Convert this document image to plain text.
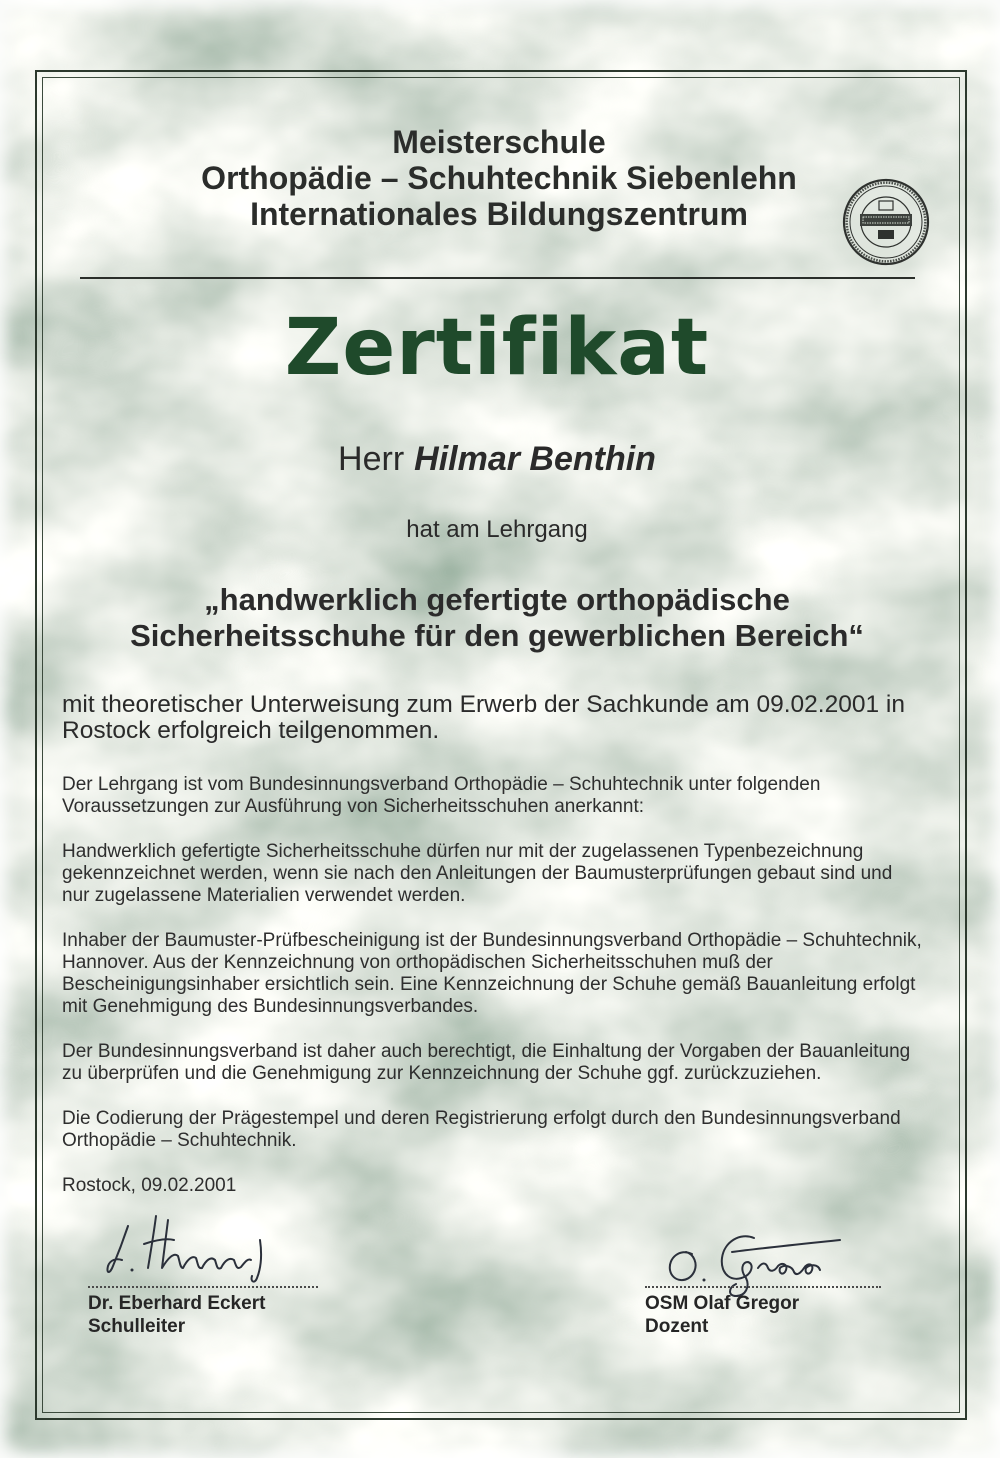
Meisterschule
Orthopädie – Schuhtechnik Siebenlehn
Internationales Bildungszentrum
Zertifikat
Herr Hilmar Benthin
hat am Lehrgang
„handwerklich gefertigte orthopädische
Sicherheitsschuhe für den gewerblichen Bereich“
mit theoretischer Unterweisung zum Erwerb der Sachkunde am 09.02.2001 in
Rostock erfolgreich teilgenommen.
Der Lehrgang ist vom Bundesinnungsverband Orthopädie – Schuhtechnik unter folgenden
Voraussetzungen zur Ausführung von Sicherheitsschuhen anerkannt:
Handwerklich gefertigte Sicherheitsschuhe dürfen nur mit der zugelassenen Typenbezeichnung
gekennzeichnet werden, wenn sie nach den Anleitungen der Baumusterprüfungen gebaut sind und
nur zugelassene Materialien verwendet werden.
Inhaber der Baumuster-Prüfbescheinigung ist der Bundesinnungsverband Orthopädie – Schuhtechnik,
Hannover. Aus der Kennzeichnung von orthopädischen Sicherheitsschuhen muß der
Bescheinigungsinhaber ersichtlich sein. Eine Kennzeichnung der Schuhe gemäß Bauanleitung erfolgt
mit Genehmigung des Bundesinnungsverbandes.
Der Bundesinnungsverband ist daher auch berechtigt, die Einhaltung der Vorgaben der Bauanleitung
zu überprüfen und die Genehmigung zur Kennzeichnung der Schuhe ggf. zurückzuziehen.
Die Codierung der Prägestempel und deren Registrierung erfolgt durch den Bundesinnungsverband
Orthopädie – Schuhtechnik.
Rostock, 09.02.2001
Dr. Eberhard Eckert
Schulleiter
OSM Olaf Gregor
Dozent
